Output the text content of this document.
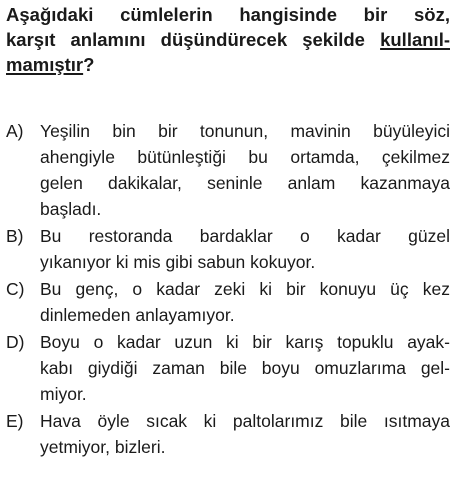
Aşağıdaki cümlelerin hangisinde bir söz,
karşıt anlamını düşündürecek şekilde kullanıl-
mamıştır?
A) Yeşilin bin bir tonunun, mavinin büyüleyici
ahengiyle bütünleştiği bu ortamda, çekilmez
gelen dakikalar, seninle anlam kazanmaya
başladı.
B) Bu restoranda bardaklar o kadar güzel
yıkanıyor ki mis gibi sabun kokuyor.
C) Bu genç, o kadar zeki ki bir konuyu üç kez
dinlemeden anlayamıyor.
D) Boyu o kadar uzun ki bir karış topuklu ayak-
kabı giydiği zaman bile boyu omuzlarıma gel-
miyor.
E) Hava öyle sıcak ki paltolarımız bile ısıtmaya
yetmiyor, bizleri.
